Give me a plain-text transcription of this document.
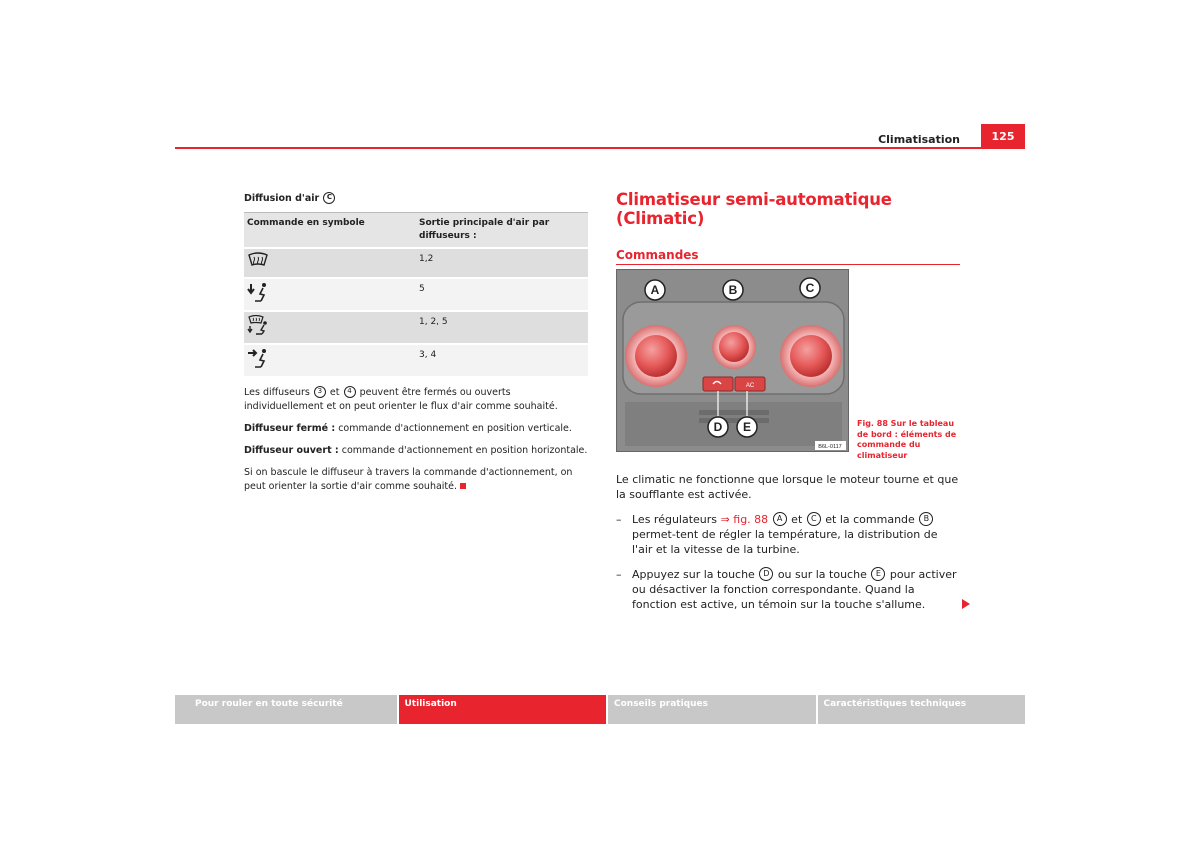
Climatisation	125
Diffusion d'air C
Commande en symbole	Sortie principale d'air par diffuseurs :
	1,2
	5
	1, 2, 5
	3, 4
Les diffuseurs 3 et 4 peuvent être fermés ou ouverts individuellement et on peut orienter le flux d'air comme souhaité.
Diffuseur fermé : commande d'actionnement en position verticale.
Diffuseur ouvert : commande d'actionnement en position horizontale.
Si on bascule le diffuseur à travers la commande d'actionnement, on peut orienter la sortie d'air comme souhaité.
Climatiseur semi-automatique (Climatic)
Commandes
AC
A	B	C
D E
B6L-0117
Fig. 88 Sur le tableau de bord : éléments de commande du climatiseur

Le climatic ne fonctionne que lorsque le moteur tourne et que la soufflante est activée.

– Les régulateurs ⇒ fig. 88 A et C et la commande B permet-tent de régler la température, la distribution de l'air et la vitesse de la turbine.
– Appuyez sur la touche D ou sur la touche E pour activer ou désactiver la fonction correspondante. Quand la fonction est active, un témoin sur la touche s'allume.
Pour rouler en toute sécurité	Utilisation	Conseils pratiques	Caractéristiques techniques
